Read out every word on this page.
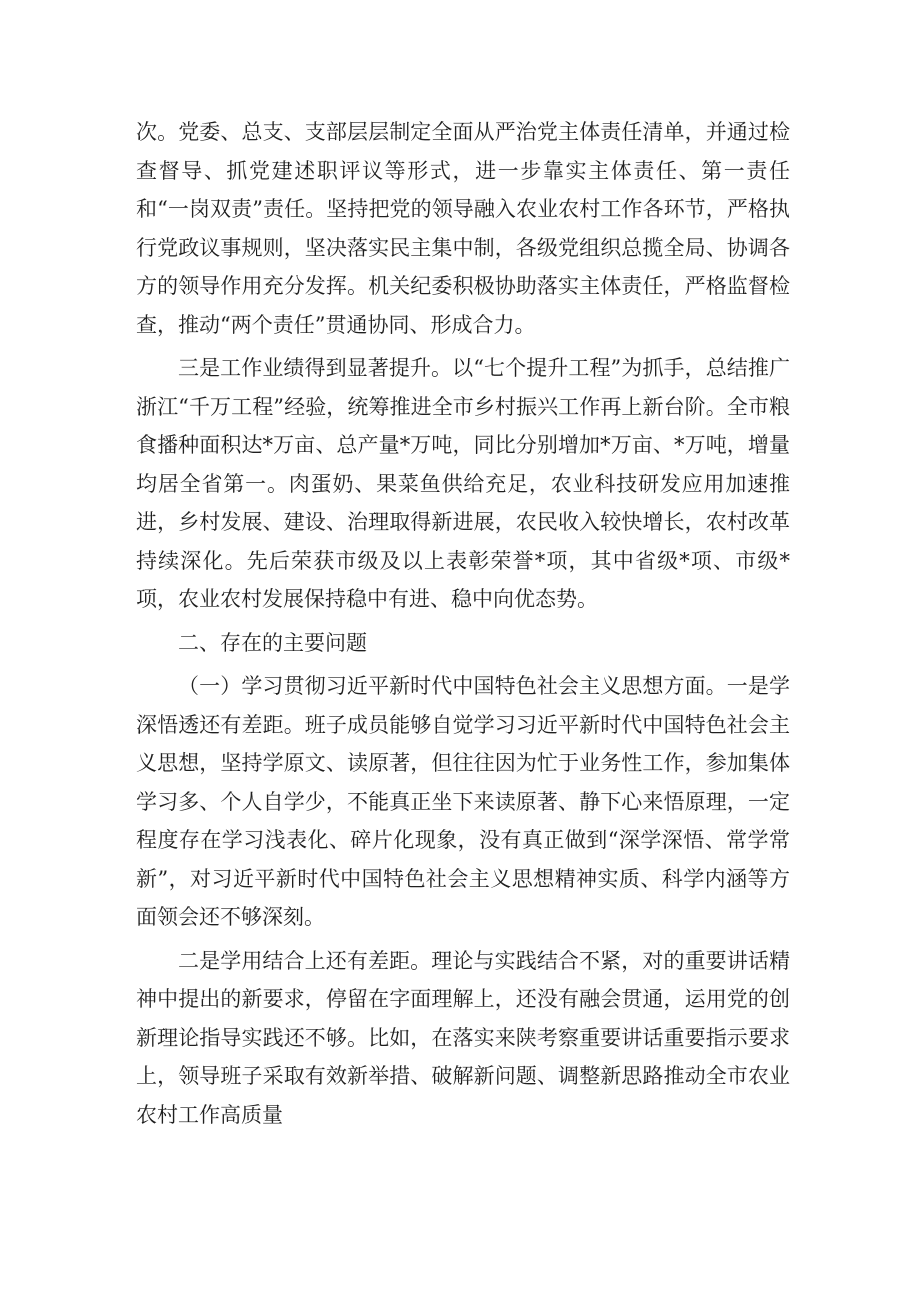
次。党委、总支、支部层层制定全面从严治党主体责任清单，并通过检查督导、抓党建述职评议等形式，进一步靠实主体责任、第一责任和“一岗双责”责任。坚持把党的领导融入农业农村工作各环节，严格执行党政议事规则，坚决落实民主集中制，各级党组织总揽全局、协调各方的领导作用充分发挥。机关纪委积极协助落实主体责任，严格监督检查，推动“两个责任”贯通协同、形成合力。

三是工作业绩得到显著提升。以“七个提升工程”为抓手，总结推广浙江“千万工程”经验，统筹推进全市乡村振兴工作再上新台阶。全市粮食播种面积达*万亩、总产量*万吨，同比分别增加*万亩、*万吨，增量均居全省第一。肉蛋奶、果菜鱼供给充足，农业科技研发应用加速推进，乡村发展、建设、治理取得新进展，农民收入较快增长，农村改革持续深化。先后荣获市级及以上表彰荣誉*项，其中省级*项、市级*项，农业农村发展保持稳中有进、稳中向优态势。

二、存在的主要问题

（一）学习贯彻习近平新时代中国特色社会主义思想方面。一是学深悟透还有差距。班子成员能够自觉学习习近平新时代中国特色社会主义思想，坚持学原文、读原著，但往往因为忙于业务性工作，参加集体学习多、个人自学少，不能真正坐下来读原著、静下心来悟原理，一定程度存在学习浅表化、碎片化现象，没有真正做到“深学深悟、常学常新”，对习近平新时代中国特色社会主义思想精神实质、科学内涵等方面领会还不够深刻。

二是学用结合上还有差距。理论与实践结合不紧，对的重要讲话精神中提出的新要求，停留在字面理解上，还没有融会贯通，运用党的创新理论指导实践还不够。比如，在落实来陕考察重要讲话重要指示要求上，领导班子采取有效新举措、破解新问题、调整新思路推动全市农业农村工作高质量
